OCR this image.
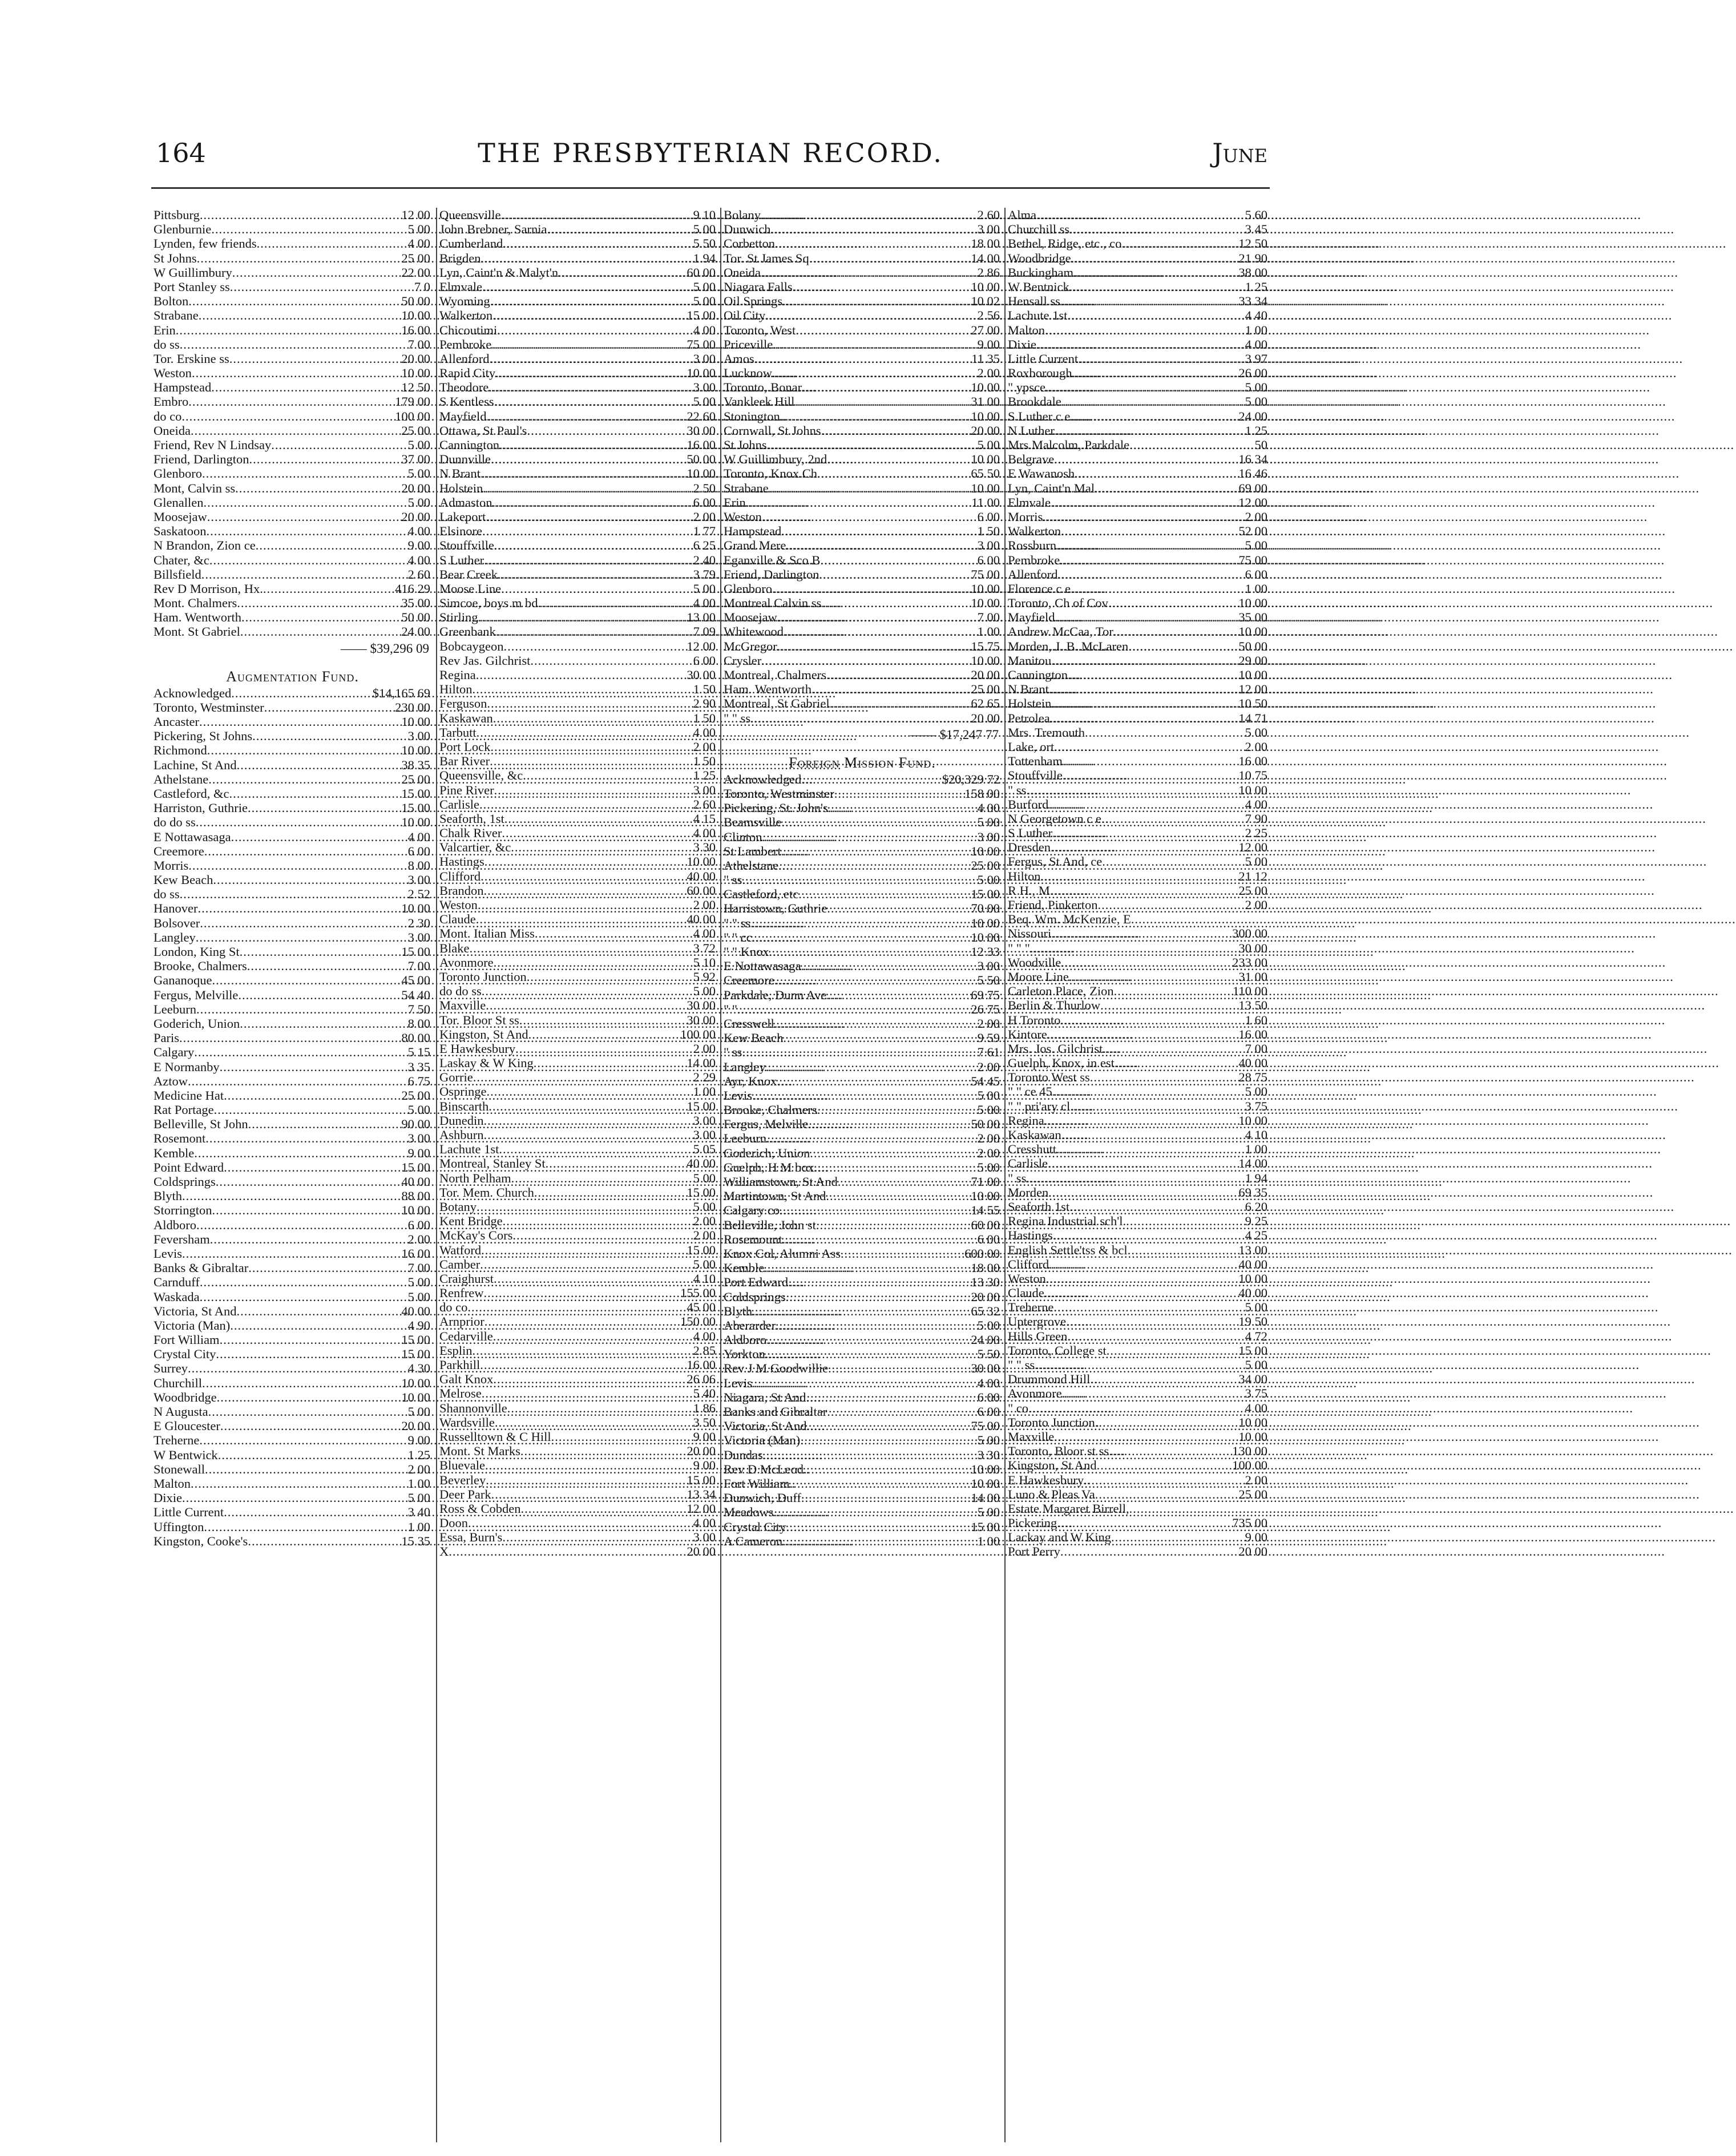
164	THE PRESBYTERIAN RECORD.	June
Pittsburg .....	12 00
Glenburnie .....	5 00
Lynden, few friends .....	4 00
St Johns .....	25 00
W Guillimbury .....	22 00
Port Stanley ss .....	7 0
Bolton .....	50 00
Strabane .....	10 00
Erin .....	16 00
do ss .....	7 00
Tor. Erskine ss .....	20 00
Weston .....	10 00
Hampstead .....	12 50
Embro .....	179 00
do co .....	100 00
Oneida .....	25 00
Friend, Rev N Lindsay .....	5 00
Friend, Darlington .....	37 00
Glenboro .....	5 00
Mont, Calvin ss .....	20 00
Glenallen .....	5 00
Moosejaw .....	20 00
Saskatoon .....	4 00
N Brandon, Zion ce .....	9 00
Chater, &c .....	4 00
Billsfield .....	2 60
Rev D Morrison, Hx. .....	416 29
Mont. Chalmers .....	35 00
Ham. Wentworth .....	50 00
Mont. St Gabriel .....	24 00
—— $39,296 09
Augmentation Fund.
Acknowledged .....	$14,165 69
Toronto, Westminster .....	230 00
Ancaster .....	10 00
Pickering, St Johns .....	3 00
Richmond .....	10 00
Lachine, St And .....	38 35
Athelstane .....	25 00
Castleford, &c .....	15 00
Harriston, Guthrie .....	15 00
do do ss .....	10 00
E Nottawasaga .....	4 00
Creemore .....	6 00
Morris .....	8 00
Kew Beach .....	3 00
do ss .....	2 52
Hanover .....	10 00
Bolsover .....	2 30
Langley .....	3 00
London, King St .....	15 00
Brooke, Chalmers .....	7 00
Gananoque .....	45 00
Fergus, Melville .....	54 40
Leeburn .....	7 50
Goderich, Union .....	8 00
Paris .....	80 00
Calgary .....	5 15
E Normanby .....	3 35
Aztow .....	6 75
Medicine Hat .....	25 00
Rat Portage .....	5 00
Belleville, St John .....	90 00
Rosemont .....	3 00
Kemble .....	9 00
Point Edward .....	15 00
Coldsprings .....	40 00
Blyth .....	88 00
Storrington .....	10 00
Aldboro .....	6 00
Feversham .....	2 00
Levis .....	16 00
Banks & Gibraltar .....	7 00
Carnduff .....	5 00
Waskada .....	5 00
Victoria, St And .....	40 00
Victoria (Man) .....	4 90
Fort William .....	15 00
Crystal City .....	15 00
Surrey .....	4 30
Churchill .....	10 00
Woodbridge .....	10 00
N Augusta .....	5 00
E Gloucester .....	20 00
Treherne .....	9 00
W Bentwick .....	1 25
Stonewall .....	2 00
Malton .....	1 00
Dixie .....	5 00
Little Current .....	3 40
Uffington .....	1 00
Kingston, Cooke's .....	15 35
Queensville .....	9 10
John Brebner, Sarnia .....	5 00
Cumberland .....	5 50
Brigden .....	1 94
Lyn, Caint'n & Malyt'n .....	60 00
Elmvale .....	5 00
Wyoming .....	5 00
Walkerton .....	15 00
Chicoutimi .....	4 00
Pembroke .....	75 00
Allenford .....	3 00
Rapid City .....	10 00
Theodore .....	3 00
S Kentless .....	5 00
Mayfield .....	22 60
Ottawa, St Paul's .....	30 00
Cannington .....	16 00
Dunnville .....	50 00
N Brant .....	10 00
Holstein .....	2 50
Admaston .....	6 00
Lakeport .....	2 00
Elsinore .....	1 77
Stouffville .....	6 25
S Luther .....	2 40
Bear Creek .....	3 79
Moose Line .....	5 00
Simcoe, boys m bd .....	4 00
Stirling .....	13 00
Greenbank .....	7 09
Bobcaygeon .....	12 00
Rev Jas. Gilchrist .....	6 00
Regina .....	30 00
Hilton .....	1 50
Ferguson .....	2 90
Kaskawan .....	1 50
Tarbutt .....	4 00
Port Lock .....	2 00
Bar River .....	1 50
Queensville, &c .....	1 25
Pine River .....	3 00
Carlisle .....	2 60
Seaforth, 1st .....	4 15
Chalk River .....	4 00
Valcartier, &c .....	3 30
Hastings .....	10 00
Clifford .....	40 00
Brandon .....	60 00
Weston .....	2 00
Claude .....	40 00
Mont. Italian Miss .....	4 00
Blake .....	3 72
Avonmore .....	5 10
Toronto Junction .....	5 92
do do ss .....	5 00
Maxville .....	30 00
Tor. Bloor St ss .....	30 00
Kingston, St And .....	100 00
E Hawkesbury .....	2 00
Laskay & W King .....	14 00
Gorrie .....	2 29
Ospringe .....	1 00
Binscarth .....	15 00
Dunedin .....	3 00
Ashburn .....	3 00
Lachute 1st .....	5 05
Montreal, Stanley St .....	40 00
North Pelham .....	5 00
Tor. Mem. Church .....	15 00
Botany .....	5 00
Kent Bridge .....	2 00
McKay's Cors .....	2 00
Watford .....	15 00
Camber .....	5 00
Craighurst .....	4 10
Renfrew .....	155 00
do co .....	45 00
Arnprior .....	150 00
Cedarville .....	4 00
Esplin .....	2 85
Parkhill .....	16 00
Galt Knox .....	26 06
Melrose .....	5 40
Shannonville .....	1 86
Wardsville .....	3 50
Russelltown & C Hill .....	9 00
Mont. St Marks .....	20 00
Bluevale .....	9 00
Beverley .....	15 00
Deer Park .....	13 34
Ross & Cobden .....	12 00
Doon .....	4 00
Essa, Burn's .....	3 00
X .....	20 00
Bolany .....	2 60
Dunwich .....	3 00
Corbetton .....	18 00
Tor. St James Sq .....	14 00
Oneida .....	2 86
Niagara Falls .....	10 00
Oil Springs .....	10 02
Oil City .....	2 56
Toronto, West .....	27 00
Priceville .....	9 00
Amos .....	11 35
Lucknow .....	2 00
Toronto, Bonar .....	10 00
Vankleek Hill .....	31 00
Stonington .....	10 00
Cornwall, St Johns .....	20 00
St Johns .....	5 00
W Guillimbury, 2nd .....	10 00
Toronto, Knox Ch .....	65 50
Strabane .....	10 00
Erin .....	11 00
Weston .....	6 00
Hampstead .....	1 50
Grand Mere .....	3 00
Eganville & Sco B .....	6 00
Friend, Darlington .....	75 00
Glenboro .....	10 00
Montreal Calvin ss .....	10 00
Moosejaw .....	7 00
Whitewood .....	1 00
McGregor .....	15 75
Crysler .....	10 00
Montreal, Chalmers .....	20 00
Ham. Wentworth .....	25 00
Montreal, St Gabriel .....	62 65
" " ss .....	20 00
—— $17,247 77
Foreign Mission Fund.
Acknowledged .....	$20,329 72
Toronto, Westminster .....	158 00
Pickering, St. John's .....	4 00
Beamsville .....	5 00
Clinton .....	3 00
St Lambert .....	10 00
Athelstane .....	25 00
" ss .....	5 00
Castleford, etc .....	15 00
Harristown, Guthrie .....	70 00
" " ss .....	10 00
" " cc .....	10 00
" " Knox .....	12 33
E Nottawasaga .....	3 00
Creemore .....	5 50
Parkdale, Dunn Ave .....	69 75
" " .....	26 75
Cresswell .....	2 00
Kew Beach .....	9 59
" ss .....	7 61
Langley .....	2 00
Ayr, Knox .....	54 45
Levis .....	5 00
Brooke, Chalmers .....	5 00
Fergus, Melville .....	50 00
Leeburn .....	2 00
Goderich, Union .....	2 00
Guelph, H M box .....	5 00
Williamstown, St And .....	71 00
Martintown, St And .....	10 00
Calgary co .....	14 55
Belleville, John st .....	60 00
Rosemount .....	6 00
Knox Col, Alumni Ass .....	600 00
Kemble .....	18 00
Port Edward .....	13 30
Coldsprings .....	20 00
Blyth .....	65 32
Aberarder .....	5 00
Aldboro .....	24 00
Yorkton .....	5 50
Rev J M Goodwillie .....	30 00
Levis .....	4 00
Niagara, St And .....	6 00
Banks and Gibraltar .....	6 00
Victoria, St And .....	75 00
Victoria (Man) .....	5 00
Dundas .....	3 30
Rev D McLeod .....	10 00
Fort William .....	10 00
Dunwich, Duff .....	14 00
Meadows .....	5 00
Crystal City .....	15 00
A Cameron .....	1 00
Alma .....	5 60
Churchill ss .....	3 45
Bethel, Ridge, etc., co .....	12 50
Woodbridge .....	21 90
Buckingham .....	38 00
W Bentnick .....	1 25
Hensall ss .....	33 34
Lachute 1st .....	4 40
Malton .....	1 00
Dixie .....	4 00
Little Current .....	3 97
Roxborough .....	26 00
" ypsce .....	5 00
Brookdale .....	5 00
S Luther c e .....	24 00
N Luther .....	1 25
Mrs Malcolm, Parkdale .....	50
Belgrave .....	16 34
E Wawanosh .....	16 46
Lyn, Caint'n Mal .....	69 00
Elmvale .....	12 00
Morris .....	2 00
Walkerton .....	52 00
Rossburn .....	5 00
Pembroke .....	75 00
Allenford .....	6 00
Florence c e .....	1 00
Toronto, Ch of Cov .....	10 00
Mayfield .....	35 00
Andrew McCaa, Tor .....	10 00
Morden, J. B. McLaren .....	50 00
Manitou .....	29 00
Cannington .....	10 00
N Brant .....	12 00
Holstein .....	10 50
Petrolea .....	14 71
Mrs. Tremouth .....	5 00
Lake, ort .....	2 00
Tottenham .....	16 00
Stouffville .....	10 75
" ss .....	10 00
Burford .....	4 00
N Georgetown c e .....	7 90
S Luther .....	2 25
Dresden .....	12 00
Fergus, St And, ce .....	5 00
Hilton .....	21 12
R H., M .....	25 00
Friend, Pinkerton .....	2 00
Beq. Wm. McKenzie, E
.....
Nissouri .....	300 00
" " " .....	30 00
Woodville .....	233 00
Moore Line .....	31 00
Carleton Place, Zion .....	110 00
Berlin & Thurlow .....	13 50
H Toronto .....	1 60
Kintore .....	16 00
Mrs. Jos. Gilchrist .....	7 00
Guelph, Knox, in est .....	40 00
Toronto West ss .....	28 75
" " ce 45 .....	5 00
" " pri'ary cl. .....	3 75
Regina .....	10 00
Kaskawan .....	4 10
Cresshutt .....	1 00
Carlisle .....	14 00
" ss .....	1 94
Morden .....	69 35
Seaforth 1st .....	6 20
Regina Industrial sch'l. .....	9 25
Hastings .....	4 25
English Settle'tss & bcl .....	13 00
Clifford .....	40 00
Weston .....	10 00
Claude .....	40 00
Treherne .....	5 00
Uptergrove .....	19 50
Hills Green .....	4 72
Toronto, College st .....	15 00
" " ss .....	5 00
Drummond Hill .....	34 00
Avonmore .....	3 75
" co .....	4 00
Toronto Junction .....	10 00
Maxville .....	10 00
Toronto, Bloor st ss .....	130 00
Kingston, St And .....	100 00
E Hawkesbury .....	2 00
Luno & Pleas Va .....	25 00
Estate Margaret Birrell,
.....
Pickering .....	735 00
Lackay and W King .....	9 00
Port Perry .....	20 00
